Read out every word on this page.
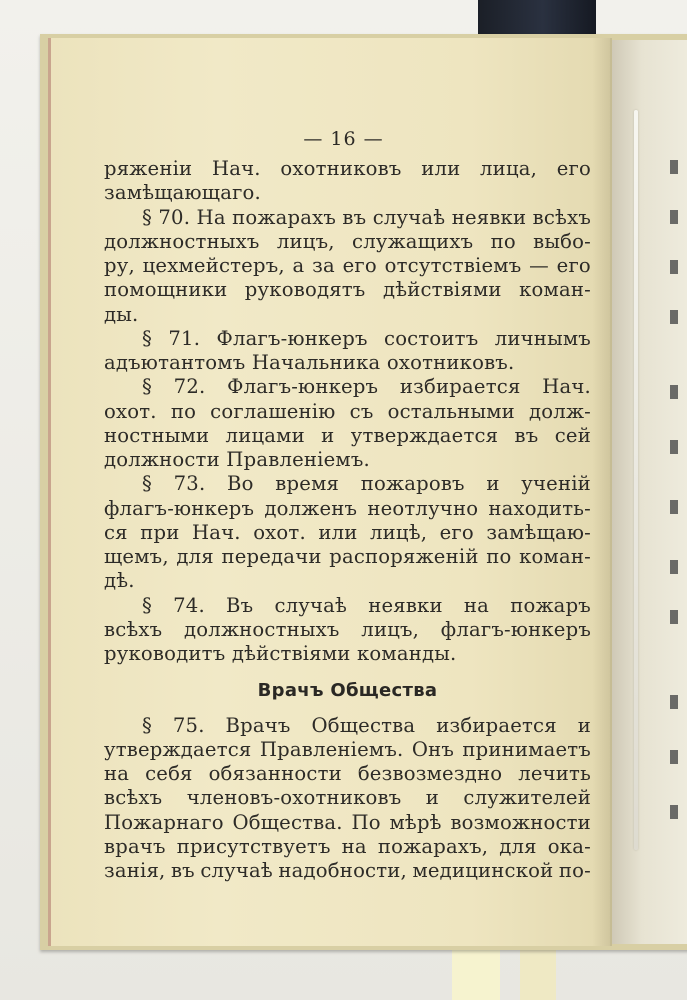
— 16 —
ряженіи Нач. охотниковъ или лица, его
замѣщающаго.
§ 70. На пожарахъ въ случаѣ неявки всѣхъ
должностныхъ лицъ, служащихъ по выбо-
ру, цехмейстеръ, а за его отсутствіемъ — его
помощники руководятъ дѣйствіями коман-
ды.
§ 71. Флагъ-юнкеръ состоитъ личнымъ
адъютантомъ Начальника охотниковъ.
§ 72. Флагъ-юнкеръ избирается Нач.
охот. по соглашенію съ остальными долж-
ностными лицами и утверждается въ сей
должности Правленіемъ.
§ 73. Во время пожаровъ и ученій
флагъ-юнкеръ долженъ неотлучно находить-
ся при Нач. охот. или лицѣ, его замѣщаю-
щемъ, для передачи распоряженій по коман-
дѣ.
§ 74. Въ случаѣ неявки на пожаръ
всѣхъ должностныхъ лицъ, флагъ-юнкеръ
руководитъ дѣйствіями команды.
Врачъ Общества
§ 75. Врачъ Общества избирается и
утверждается Правленіемъ. Онъ принимаетъ
на себя обязанности безвозмездно лечить
всѣхъ членовъ-охотниковъ и служителей
Пожарнаго Общества. По мѣрѣ возможности
врачъ присутствуетъ на пожарахъ, для ока-
занія, въ случаѣ надобности, медицинской по-
